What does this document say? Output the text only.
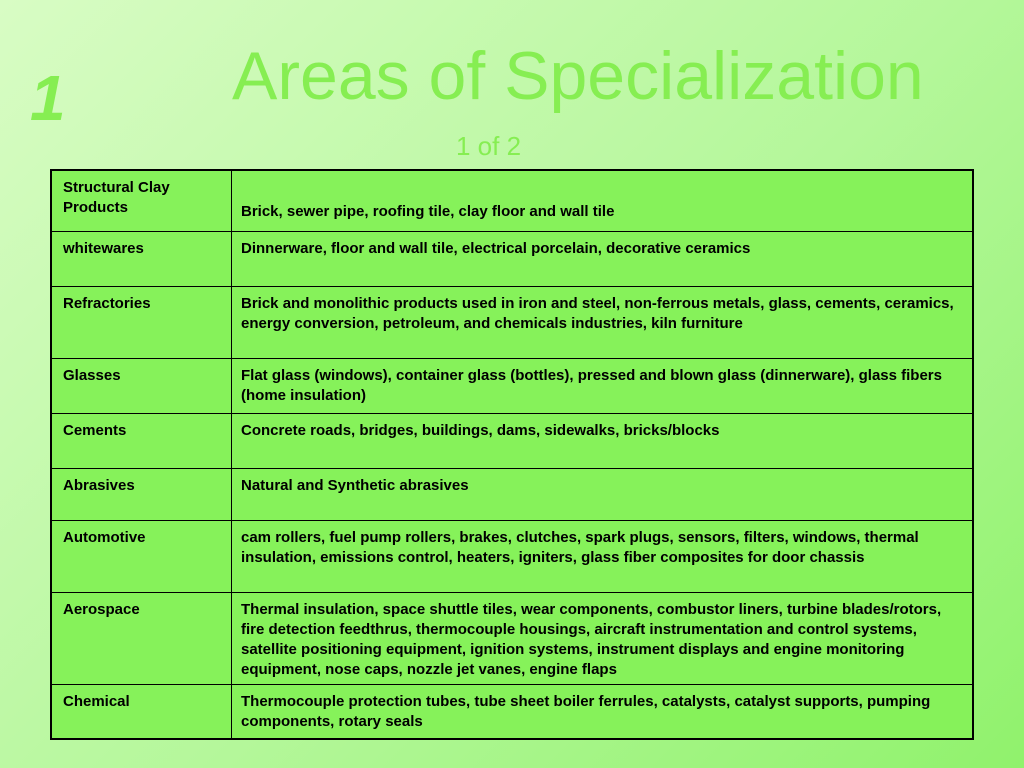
1 Areas of Specialization
1 of 2
Structural Clay Products	Brick, sewer pipe, roofing tile, clay floor and wall tile
whitewares	Dinnerware, floor and wall tile, electrical porcelain, decorative ceramics
Refractories	Brick and monolithic products used in iron and steel, non-ferrous metals, glass, cements, ceramics, energy conversion, petroleum, and chemicals industries, kiln furniture
Glasses	Flat glass (windows), container glass (bottles), pressed and blown glass (dinnerware), glass fibers (home insulation)
Cements	Concrete roads, bridges, buildings, dams, sidewalks, bricks/blocks
Abrasives	Natural and Synthetic abrasives
Automotive	cam rollers, fuel pump rollers, brakes, clutches, spark plugs, sensors, filters, windows, thermal insulation, emissions control, heaters, igniters, glass fiber composites for door chassis
Aerospace	Thermal insulation, space shuttle tiles, wear components, combustor liners, turbine blades/rotors, fire detection feedthrus, thermocouple housings, aircraft instrumentation and control systems, satellite positioning equipment, ignition systems, instrument displays and engine monitoring equipment, nose caps, nozzle jet vanes, engine flaps
Chemical	Thermocouple protection tubes, tube sheet boiler ferrules, catalysts, catalyst supports, pumping components, rotary seals
